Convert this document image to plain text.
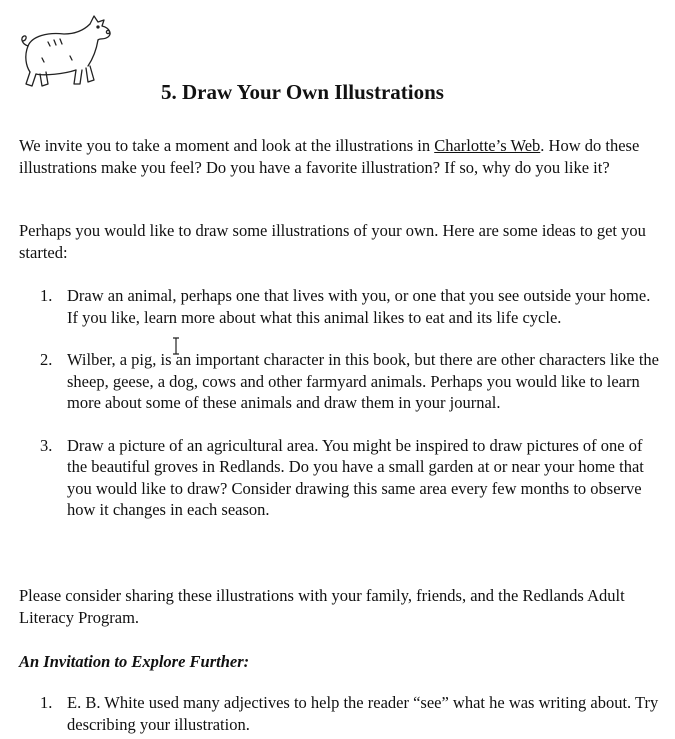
5. Draw Your Own Illustrations

We invite you to take a moment and look at the illustrations in Charlotte’s Web. How do these illustrations make you feel? Do you have a favorite illustration? If so, why do you like it?

Perhaps you would like to draw some illustrations of your own. Here are some ideas to get you started:

1. Draw an animal, perhaps one that lives with you, or one that you see outside your home. If you like, learn more about what this animal likes to eat and its life cycle.
2. Wilber, a pig, is an important character in this book, but there are other characters like the sheep, geese, a dog, cows and other farmyard animals. Perhaps you would like to learn more about some of these animals and draw them in your journal.
3. Draw a picture of an agricultural area. You might be inspired to draw pictures of one of the beautiful groves in Redlands. Do you have a small garden at or near your home that you would like to draw? Consider drawing this same area every few months to observe how it changes in each season.

Please consider sharing these illustrations with your family, friends, and the Redlands Adult Literacy Program.

An Invitation to Explore Further:

1. E. B. White used many adjectives to help the reader “see” what he was writing about. Try describing your illustration.
